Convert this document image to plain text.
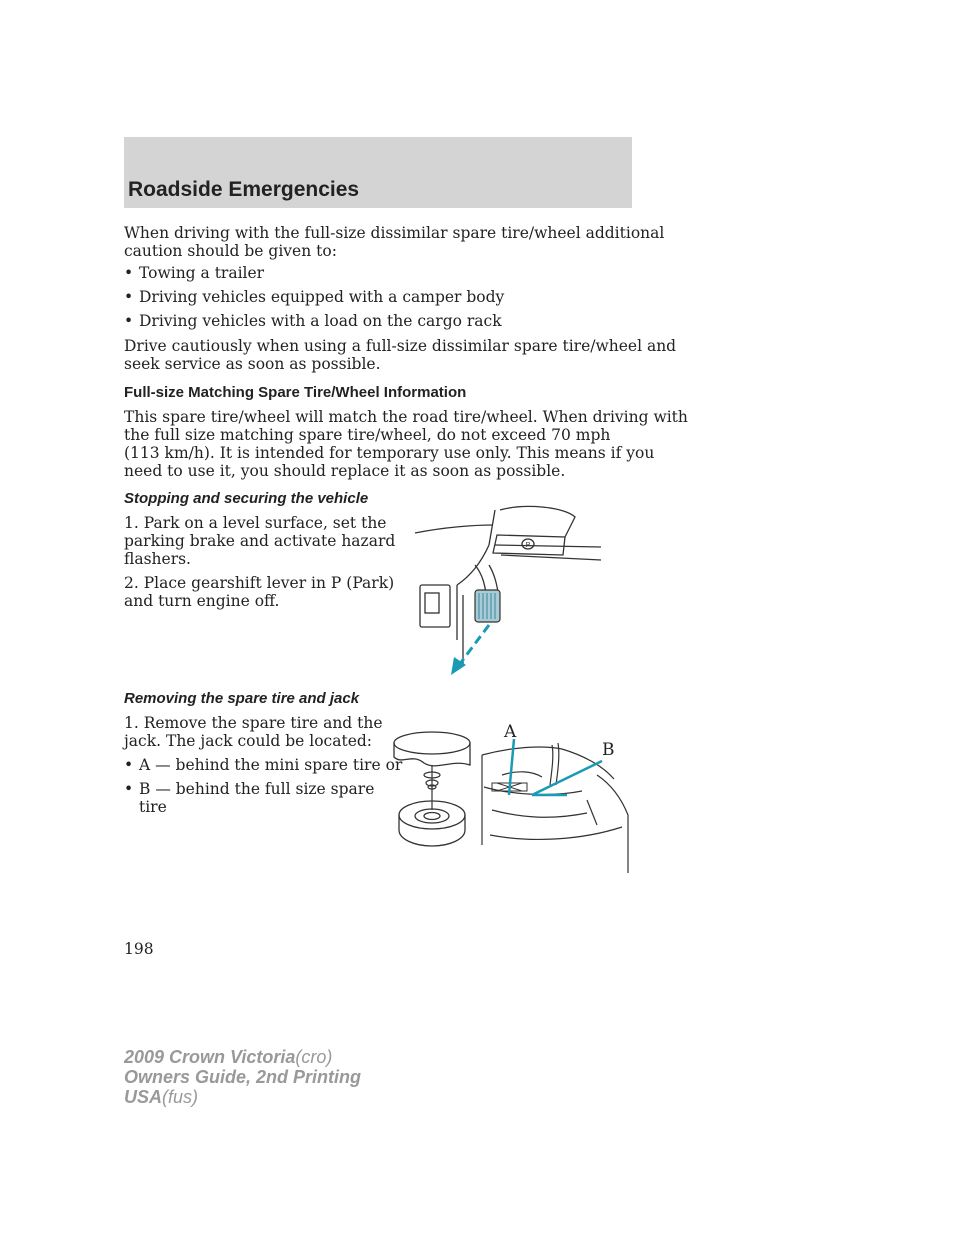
Roadside Emergencies
When driving with the full-size dissimilar spare tire/wheel additional
caution should be given to:
• Towing a trailer
• Driving vehicles equipped with a camper body
• Driving vehicles with a load on the cargo rack
Drive cautiously when using a full-size dissimilar spare tire/wheel and
seek service as soon as possible.
Full-size Matching Spare Tire/Wheel Information
This spare tire/wheel will match the road tire/wheel. When driving with
the full size matching spare tire/wheel, do not exceed 70 mph
(113 km/h). It is intended for temporary use only. This means if you
need to use it, you should replace it as soon as possible.
Stopping and securing the vehicle
1. Park on a level surface, set the
parking brake and activate hazard
flashers.
2. Place gearshift lever in P (Park)
and turn engine off.
P
Removing the spare tire and jack
1. Remove the spare tire and the
jack. The jack could be located:
• A — behind the mini spare tire or
• B — behind the full size spare
tire
A
B
198
2009 Crown Victoria(cro)
Owners Guide, 2nd Printing
USA(fus)
